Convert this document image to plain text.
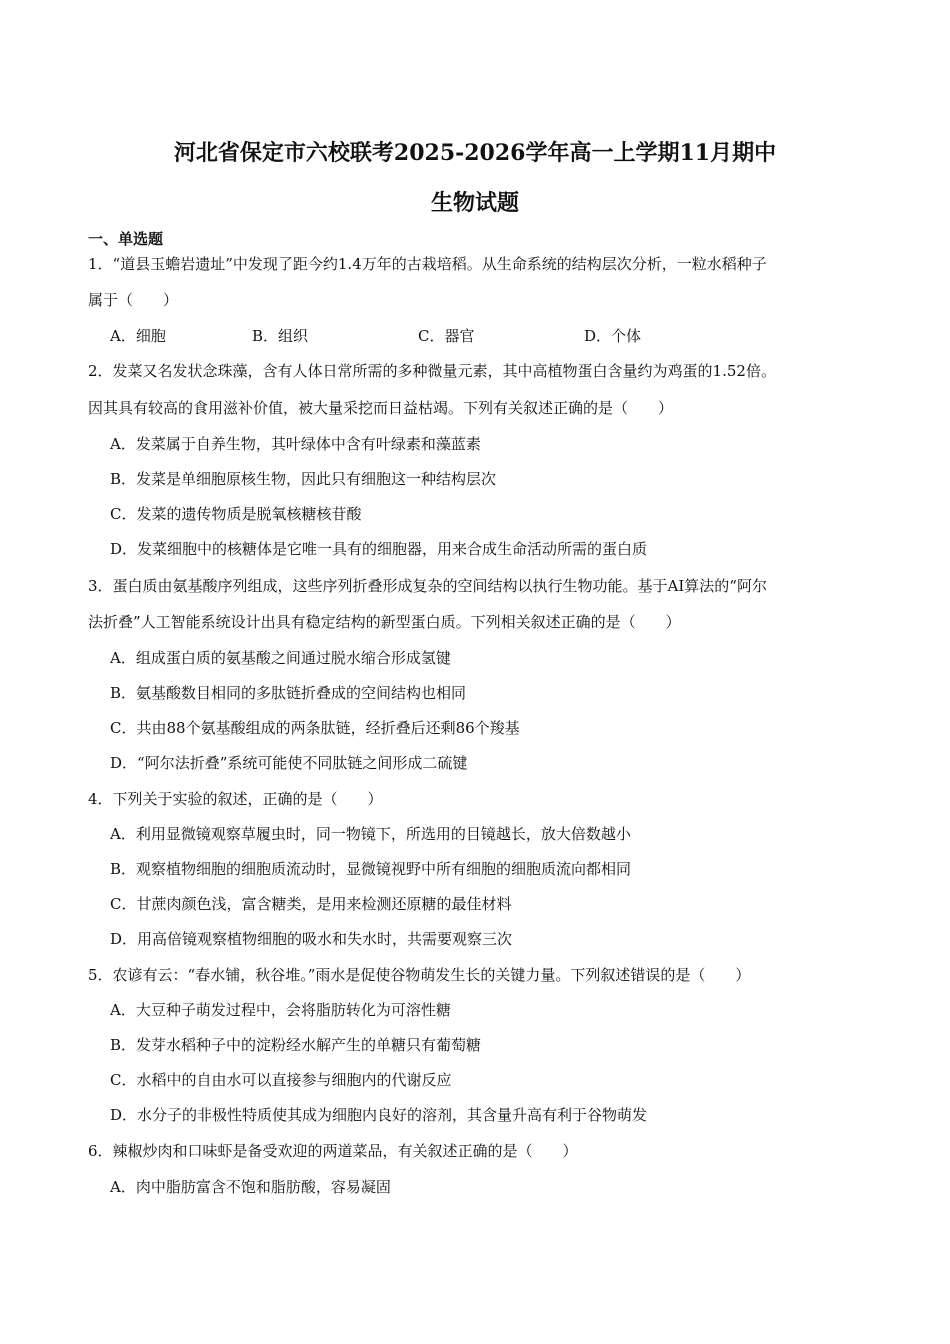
河北省保定市六校联考2025-2026学年高一上学期11月期中
生物试题
一、单选题
1．“道县玉蟾岩遗址”中发现了距今约1.4万年的古栽培稻。从生命系统的结构层次分析，一粒水稻种子
属于（　　）
A．细胞	B．组织	C．器官	D．个体
2．发菜又名发状念珠藻，含有人体日常所需的多种微量元素，其中高植物蛋白含量约为鸡蛋的1.52倍。
因其具有较高的食用滋补价值，被大量采挖而日益枯竭。下列有关叙述正确的是（　　）
A．发菜属于自养生物，其叶绿体中含有叶绿素和藻蓝素
B．发菜是单细胞原核生物，因此只有细胞这一种结构层次
C．发菜的遗传物质是脱氧核糖核苷酸
D．发菜细胞中的核糖体是它唯一具有的细胞器，用来合成生命活动所需的蛋白质
3．蛋白质由氨基酸序列组成，这些序列折叠形成复杂的空间结构以执行生物功能。基于AI算法的“阿尔
法折叠”人工智能系统设计出具有稳定结构的新型蛋白质。下列相关叙述正确的是（　　）
A．组成蛋白质的氨基酸之间通过脱水缩合形成氢键
B．氨基酸数目相同的多肽链折叠成的空间结构也相同
C．共由88个氨基酸组成的两条肽链，经折叠后还剩86个羧基
D．“阿尔法折叠”系统可能使不同肽链之间形成二硫键
4．下列关于实验的叙述，正确的是（　　）
A．利用显微镜观察草履虫时，同一物镜下，所选用的目镜越长，放大倍数越小
B．观察植物细胞的细胞质流动时，显微镜视野中所有细胞的细胞质流向都相同
C．甘蔗肉颜色浅，富含糖类，是用来检测还原糖的最佳材料
D．用高倍镜观察植物细胞的吸水和失水时，共需要观察三次
5．农谚有云：“春水铺，秋谷堆。”雨水是促使谷物萌发生长的关键力量。下列叙述错误的是（　　）
A．大豆种子萌发过程中，会将脂肪转化为可溶性糖
B．发芽水稻种子中的淀粉经水解产生的单糖只有葡萄糖
C．水稻中的自由水可以直接参与细胞内的代谢反应
D．水分子的非极性特质使其成为细胞内良好的溶剂，其含量升高有利于谷物萌发
6．辣椒炒肉和口味虾是备受欢迎的两道菜品，有关叙述正确的是（　　）
A．肉中脂肪富含不饱和脂肪酸，容易凝固
